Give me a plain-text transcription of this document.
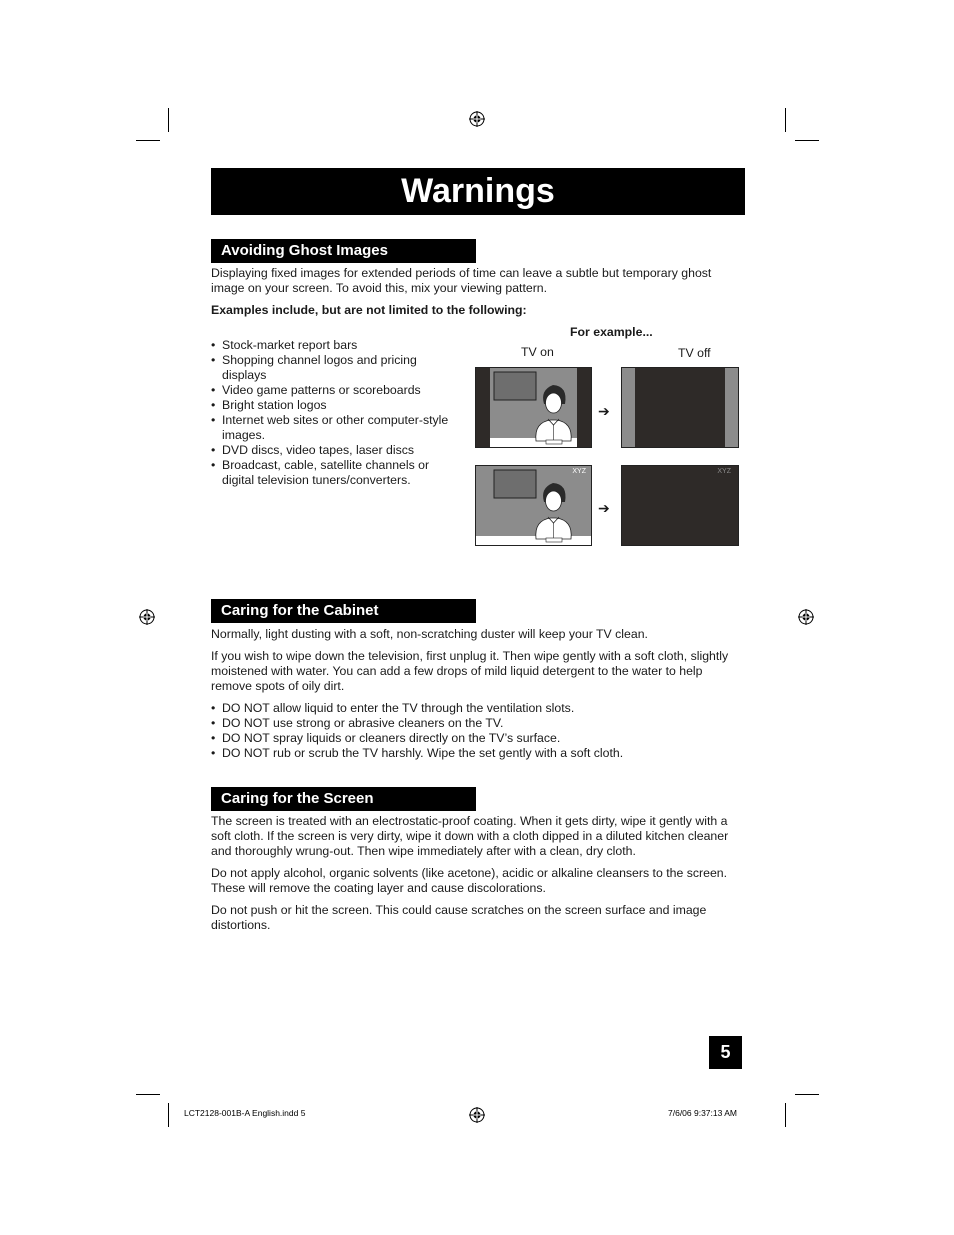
Warnings
Avoiding Ghost Images

Displaying fixed images for extended periods of time can leave a subtle but temporary ghost
image on your screen. To avoid this, mix your viewing pattern.

Examples include, but are not limited to the following:

• Stock-market report bars
• Shopping channel logos and pricing
displays
• Video game patterns or scoreboards
• Bright station logos
• Internet web sites or other computer-style
images.
• DVD discs, video tapes, laser discs
• Broadcast, cable, satellite channels or
digital television tuners/converters.
For example...
TV on	TV off
➔
XYZ
➔
XYZ
Caring for the Cabinet

Normally, light dusting with a soft, non-scratching duster will keep your TV clean.

If you wish to wipe down the television, first unplug it. Then wipe gently with a soft cloth, slightly
moistened with water. You can add a few drops of mild liquid detergent to the water to help
remove spots of oily dirt.

• DO NOT allow liquid to enter the TV through the ventilation slots.
• DO NOT use strong or abrasive cleaners on the TV.
• DO NOT spray liquids or cleaners directly on the TV’s surface.
• DO NOT rub or scrub the TV harshly. Wipe the set gently with a soft cloth.
Caring for the Screen

The screen is treated with an electrostatic-proof coating. When it gets dirty, wipe it gently with a
soft cloth. If the screen is very dirty, wipe it down with a cloth dipped in a diluted kitchen cleaner
and thoroughly wrung-out. Then wipe immediately after with a clean, dry cloth.

Do not apply alcohol, organic solvents (like acetone), acidic or alkaline cleansers to the screen.
These will remove the coating layer and cause discolorations.

Do not push or hit the screen. This could cause scratches on the screen surface and image
distortions.

5
LCT2128-001B-A English.indd 5	7/6/06 9:37:13 AM
